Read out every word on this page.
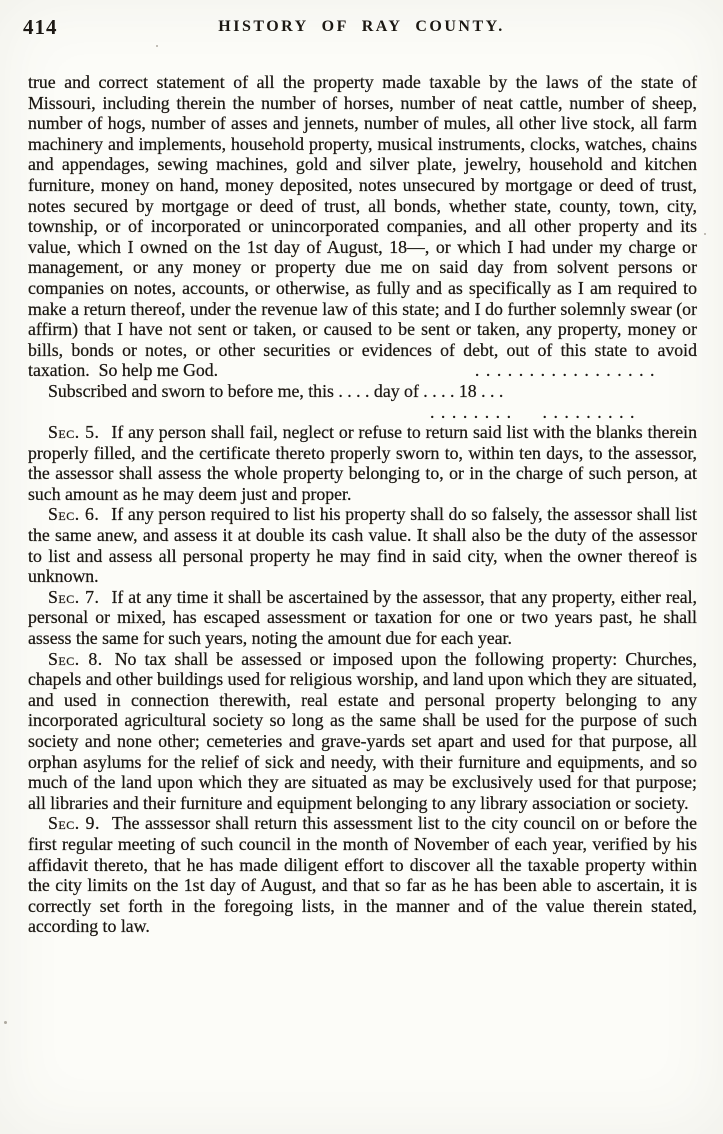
414	HISTORY OF RAY COUNTY.

true and correct statement of all the property made taxable by the laws of the state of Missouri, including therein the number of horses, number of neat cattle, number of sheep, number of hogs, number of asses and jennets, number of mules, all other live stock, all farm machinery and implements, household property, musical instruments, clocks, watches, chains and appendages, sewing machines, gold and silver plate, jewelry, household and kitchen furniture, money on hand, money deposited, notes unsecured by mortgage or deed of trust, notes secured by mortgage or deed of trust, all bonds, whether state, county, town, city, township, or of incorporated or unincorporated companies, and all other property and its value, which I owned on the 1st day of August, 18—, or which I had under my charge or management, or any money or property due me on said day from solvent persons or companies on notes, accounts, or otherwise, as fully and as specifically as I am required to make a return thereof, under the revenue law of this state; and I do further solemnly swear (or affirm) that I have not sent or taken, or caused to be sent or taken, any property, money or bills, bonds or notes, or other securities or evidences of debt, out of this state to avoid taxation. So help me God.	.................

Subscribed and sworn to before me, this . . . . day of . . . . 18 . . .

........ .........

Sec. 5. If any person shall fail, neglect or refuse to return said list with the blanks therein properly filled, and the certificate thereto properly sworn to, within ten days, to the assessor, the assessor shall assess the whole property belonging to, or in the charge of such person, at such amount as he may deem just and proper.

Sec. 6. If any person required to list his property shall do so falsely, the assessor shall list the same anew, and assess it at double its cash value. It shall also be the duty of the assessor to list and assess all personal property he may find in said city, when the owner thereof is unknown.

Sec. 7. If at any time it shall be ascertained by the assessor, that any property, either real, personal or mixed, has escaped assessment or taxation for one or two years past, he shall assess the same for such years, noting the amount due for each year.

Sec. 8. No tax shall be assessed or imposed upon the following property: Churches, chapels and other buildings used for religious worship, and land upon which they are situated, and used in connection therewith, real estate and personal property belonging to any incorporated agricultural society so long as the same shall be used for the purpose of such society and none other; cemeteries and grave-yards set apart and used for that purpose, all orphan asylums for the relief of sick and needy, with their furniture and equipments, and so much of the land upon which they are situated as may be exclusively used for that purpose; all libraries and their furniture and equipment belonging to any library association or society.

Sec. 9. The asssessor shall return this assessment list to the city council on or before the first regular meeting of such council in the month of November of each year, verified by his affidavit thereto, that he has made diligent effort to discover all the taxable property within the city limits on the 1st day of August, and that so far as he has been able to ascertain, it is correctly set forth in the foregoing lists, in the manner and of the value therein stated, according to law.
